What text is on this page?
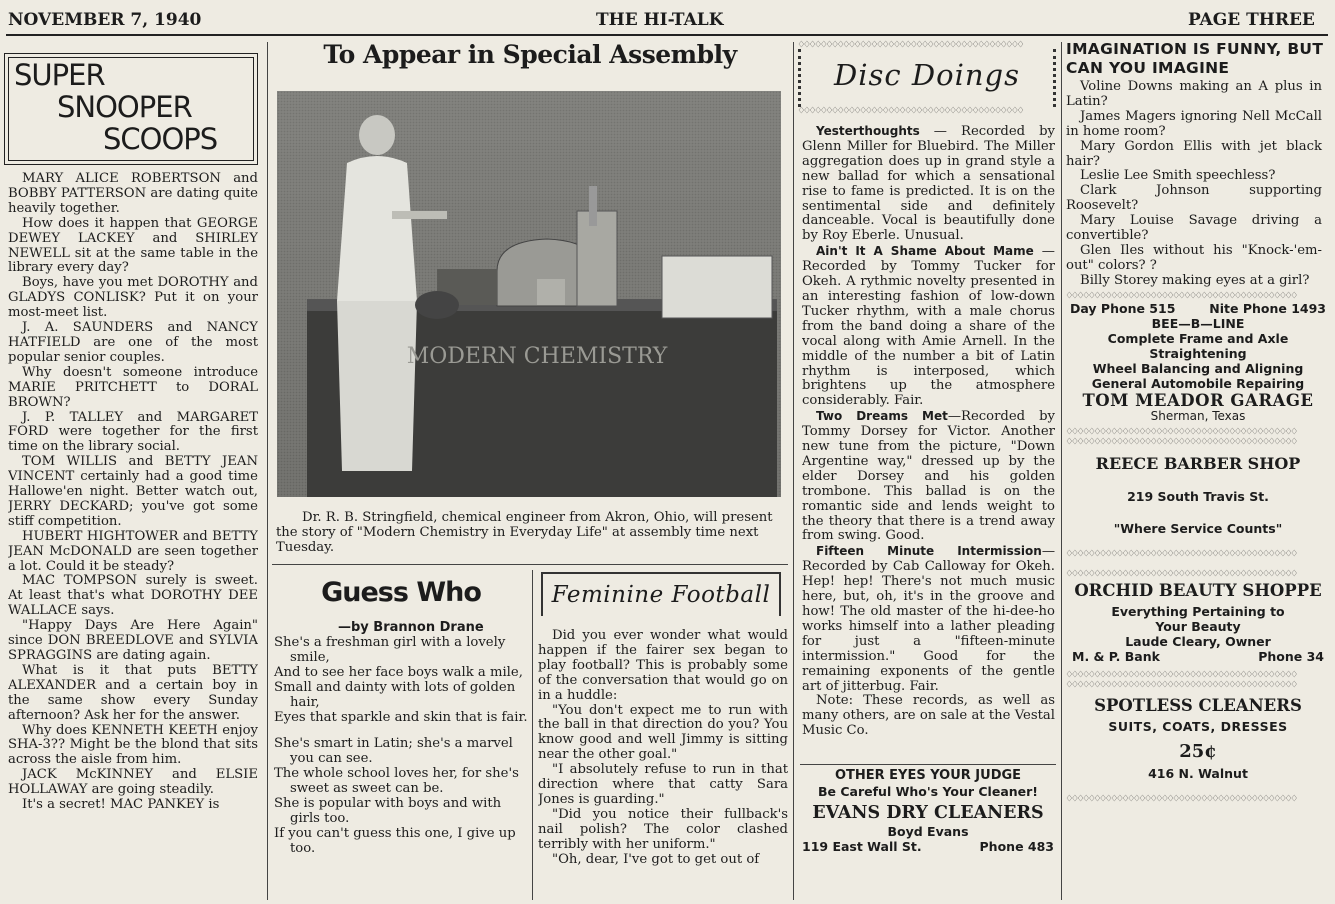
NOVEMBER 7, 1940	THE HI-TALK	PAGE THREE
SUPER
SNOOPER
SCOOPS

MARY ALICE ROBERTSON and BOBBY PATTERSON are dating quite heavily together.

How does it happen that GEORGE DEWEY LACKEY and SHIRLEY NEWELL sit at the same table in the library every day?

Boys, have you met DOROTHY and GLADYS CONLISK? Put it on your most-meet list.

J. A. SAUNDERS and NANCY HATFIELD are one of the most popular senior couples.

Why doesn't someone introduce MARIE PRITCHETT to DORAL BROWN?

J. P. TALLEY and MARGARET FORD were together for the first time on the library social.

TOM WILLIS and BETTY JEAN VINCENT certainly had a good time Hallowe'en night. Better watch out, JERRY DECKARD; you've got some stiff competition.

HUBERT HIGHTOWER and BETTY JEAN McDONALD are seen together a lot. Could it be steady?

MAC TOMPSON surely is sweet. At least that's what DOROTHY DEE WALLACE says.

"Happy Days Are Here Again" since DON BREEDLOVE and SYLVIA SPRAGGINS are dating again.

What is it that puts BETTY ALEXANDER and a certain boy in the same show every Sunday afternoon? Ask her for the answer.

Why does KENNETH KEETH enjoy SHA-3?? Might be the blond that sits across the aisle from him.

JACK McKINNEY and ELSIE HOLLAWAY are going steadily.

It's a secret! MAC PANKEY is

To Appear in Special Assembly
MODERN CHEMISTRY
Dr. R. B. Stringfield, chemical engineer from Akron, Ohio, will present the story of "Modern Chemistry in Everyday Life" at assembly time next Tuesday.
Guess Who
—by Brannon Drane
She's a freshman girl with a lovely smile,
And to see her face boys walk a mile,
Small and dainty with lots of golden hair,
Eyes that sparkle and skin that is fair.
She's smart in Latin; she's a marvel you can see.
The whole school loves her, for she's sweet as sweet can be.
She is popular with boys and with girls too.
If you can't guess this one, I give up too.
Feminine Football

Did you ever wonder what would happen if the fairer sex began to play football? This is probably some of the conversation that would go on in a huddle:

"You don't expect me to run with the ball in that direction do you? You know good and well Jimmy is sitting near the other goal."

"I absolutely refuse to run in that direction where that catty Sara Jones is guarding."

"Did you notice their fullback's nail polish? The color clashed terribly with her uniform."

"Oh, dear, I've got to get out of

♢♢♢♢♢♢♢♢♢♢♢♢♢♢♢♢♢♢♢♢♢♢♢♢♢♢♢♢♢♢♢♢♢♢♢♢♢♢♢♢
Disc Doings
♢♢♢♢♢♢♢♢♢♢♢♢♢♢♢♢♢♢♢♢♢♢♢♢♢♢♢♢♢♢♢♢♢♢♢♢♢♢♢♢

Yesterthoughts — Recorded by Glenn Miller for Bluebird. The Miller aggregation does up in grand style a new ballad for which a sensational rise to fame is predicted. It is on the sentimental side and definitely danceable. Vocal is beautifully done by Roy Eberle. Unusual.

Ain't It A Shame About Mame —Recorded by Tommy Tucker for Okeh. A rythmic novelty presented in an interesting fashion of low-down Tucker rhythm, with a male chorus from the band doing a share of the vocal along with Amie Arnell. In the middle of the number a bit of Latin rhythm is interposed, which brightens up the atmosphere considerably. Fair.

Two Dreams Met—Recorded by Tommy Dorsey for Victor. Another new tune from the picture, "Down Argentine way," dressed up by the elder Dorsey and his golden trombone. This ballad is on the romantic side and lends weight to the theory that there is a trend away from swing. Good.

Fifteen Minute Intermission—Recorded by Cab Calloway for Okeh. Hep! hep! There's not much music here, but, oh, it's in the groove and how! The old master of the hi-dee-ho works himself into a lather pleading for just a "fifteen-minute intermission." Good for the remaining exponents of the gentle art of jitterbug. Fair.

Note: These records, as well as many others, are on sale at the Vestal Music Co.

OTHER EYES YOUR JUDGE
Be Careful Who's Your Cleaner!
EVANS DRY CLEANERS
Boyd Evans
119 East Wall St.	Phone 483
IMAGINATION IS FUNNY, BUT CAN YOU IMAGINE

Voline Downs making an A plus in Latin?

James Magers ignoring Nell McCall in home room?

Mary Gordon Ellis with jet black hair?

Leslie Lee Smith speechless?

Clark Johnson supporting Roosevelt?

Mary Louise Savage driving a convertible?

Glen Iles without his "Knock-'em-out" colors? ?

Billy Storey making eyes at a girl?

♢♢♢♢♢♢♢♢♢♢♢♢♢♢♢♢♢♢♢♢♢♢♢♢♢♢♢♢♢♢♢♢♢♢♢♢♢♢♢♢♢
Day Phone 515	Nite Phone 1493
BEE—B—LINE
Complete Frame and Axle
Straightening
Wheel Balancing and Aligning
General Automobile Repairing
TOM MEADOR GARAGE
Sherman, Texas
♢♢♢♢♢♢♢♢♢♢♢♢♢♢♢♢♢♢♢♢♢♢♢♢♢♢♢♢♢♢♢♢♢♢♢♢♢♢♢♢♢
♢♢♢♢♢♢♢♢♢♢♢♢♢♢♢♢♢♢♢♢♢♢♢♢♢♢♢♢♢♢♢♢♢♢♢♢♢♢♢♢♢
REECE BARBER SHOP
219 South Travis St.
"Where Service Counts"
♢♢♢♢♢♢♢♢♢♢♢♢♢♢♢♢♢♢♢♢♢♢♢♢♢♢♢♢♢♢♢♢♢♢♢♢♢♢♢♢♢
♢♢♢♢♢♢♢♢♢♢♢♢♢♢♢♢♢♢♢♢♢♢♢♢♢♢♢♢♢♢♢♢♢♢♢♢♢♢♢♢♢
ORCHID BEAUTY SHOPPE
Everything Pertaining to
Your Beauty
Laude Cleary, Owner
M. & P. Bank	Phone 34
♢♢♢♢♢♢♢♢♢♢♢♢♢♢♢♢♢♢♢♢♢♢♢♢♢♢♢♢♢♢♢♢♢♢♢♢♢♢♢♢♢
♢♢♢♢♢♢♢♢♢♢♢♢♢♢♢♢♢♢♢♢♢♢♢♢♢♢♢♢♢♢♢♢♢♢♢♢♢♢♢♢♢
SPOTLESS CLEANERS
SUITS, COATS, DRESSES
25¢
416 N. Walnut
♢♢♢♢♢♢♢♢♢♢♢♢♢♢♢♢♢♢♢♢♢♢♢♢♢♢♢♢♢♢♢♢♢♢♢♢♢♢♢♢♢
